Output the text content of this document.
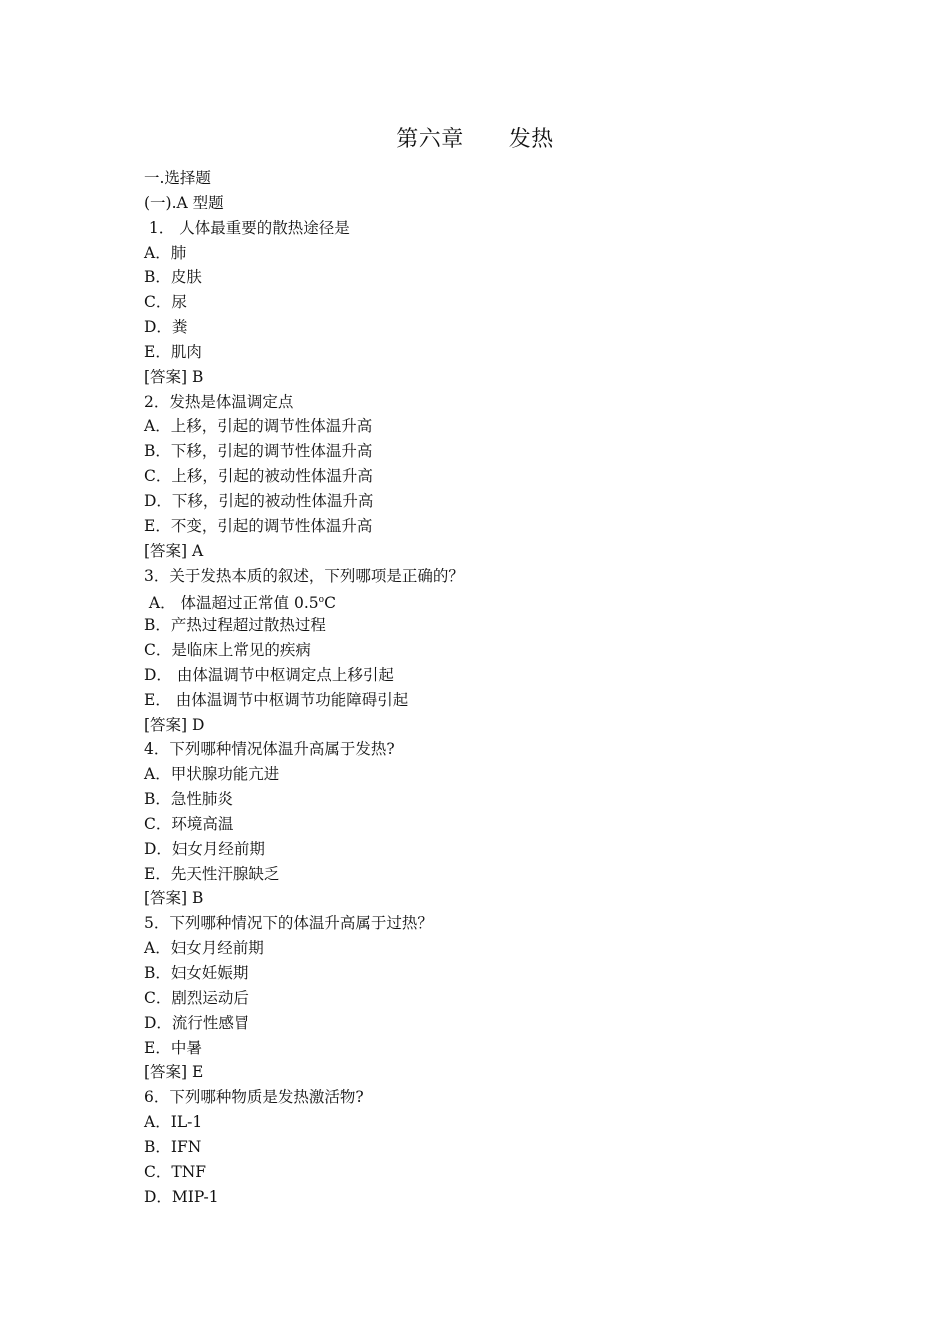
第六章      发热
一.选择题
(一).A 型题
1． 人体最重要的散热途径是
A．肺
B．皮肤
C．尿
D．粪
E．肌肉
[答案] B
2．发热是体温调定点
A．上移，引起的调节性体温升高
B．下移，引起的调节性体温升高
C．上移，引起的被动性体温升高
D．下移，引起的被动性体温升高
E．不变，引起的调节性体温升高
[答案] A
3．关于发热本质的叙述，下列哪项是正确的？
A． 体温超过正常值 0.5$^o$C
B．产热过程超过散热过程
C．是临床上常见的疾病
D． 由体温调节中枢调定点上移引起
E． 由体温调节中枢调节功能障碍引起
[答案] D
4．下列哪种情况体温升高属于发热?
A．甲状腺功能亢进
B．急性肺炎
C．环境高温
D．妇女月经前期
E．先天性汗腺缺乏
[答案] B
5．下列哪种情况下的体温升高属于过热？
A．妇女月经前期
B．妇女妊娠期
C．剧烈运动后
D．流行性感冒
E．中暑
[答案] E
6．下列哪种物质是发热激活物?
A．IL-1
B．IFN
C．TNF
D．MIP-1
